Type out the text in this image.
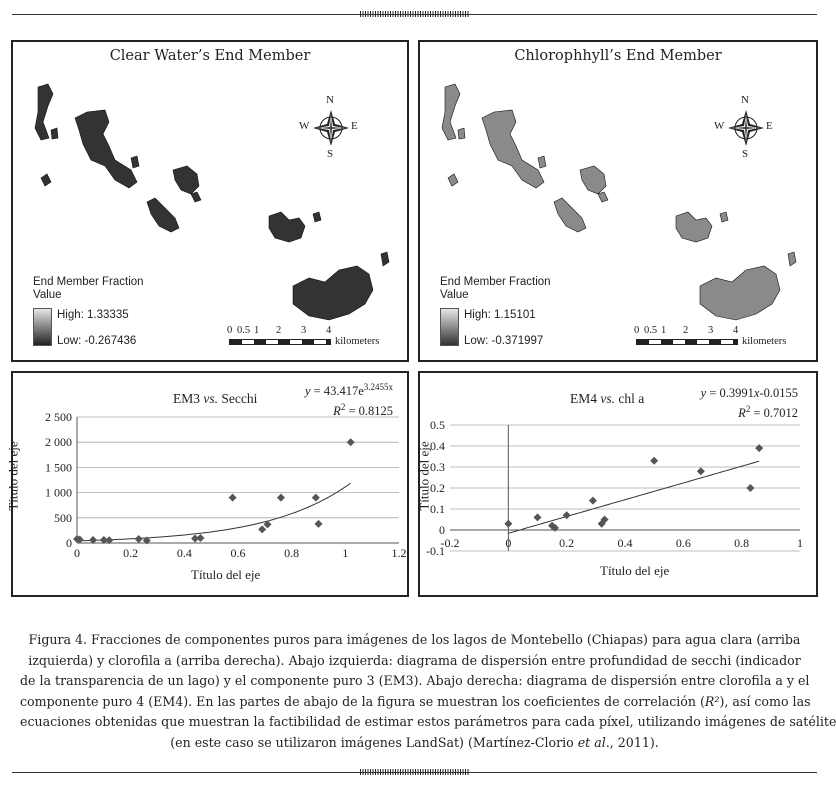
Clear Water’s End Member
N
S
E
W
End Member Fraction
Value
High: 1.33335
Low: -0.267436
0 0.5 1 2 3 4
kilometers
Chlorophhyll’s End Member
N
S
E
W
End Member Fraction
Value
High: 1.15101
Low: -0.371997
0 0.5 1 2 3 4
kilometers
0
500
1 000
1 500
2 000
2 500
0	0.2	0.4	0.6	0.8	1	1.2
EM3 vs. Secchi	$y = 43.417e^{3.2455x}$
$R^2 = 0.8125$
Título del eje
Título del eje
-0.1
0
0.1
0.2
0.3
0.4
0.5
-0.2	0	0.2	0.4	0.6	0.8	1
EM4 vs. chl a	y = 0.3991x-0.0155
$R^2 = 0.7012$
Título del eje
Título del eje
Figura 4. Fracciones de componentes puros para imágenes de los lagos de Montebello (Chiapas) para agua clara (arriba
izquierda) y clorofila a (arriba derecha). Abajo izquierda: diagrama de dispersión entre profundidad de secchi (indicador
de la transparencia de un lago) y el componente puro 3 (EM3). Abajo derecha: diagrama de dispersión entre clorofila a y el
componente puro 4 (EM4). En las partes de abajo de la figura se muestran los coeficientes de correlación (R²), así como las
ecuaciones obtenidas que muestran la factibilidad de estimar estos parámetros para cada píxel, utilizando imágenes de satélite
(en este caso se utilizaron imágenes LandSat) (Martínez-Clorio et al., 2011).
